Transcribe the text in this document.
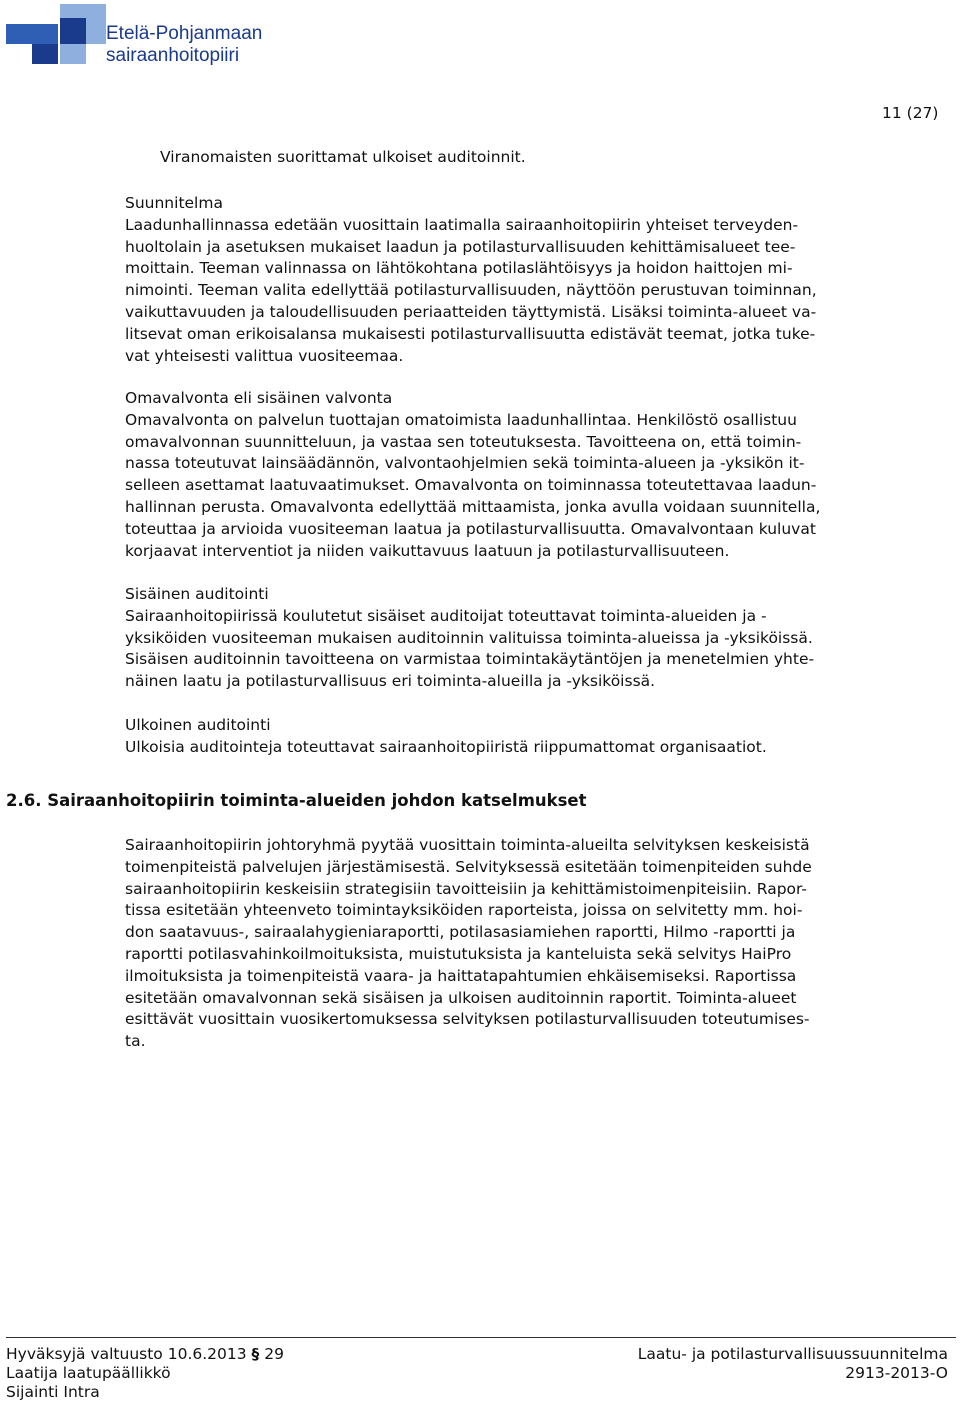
Etelä-Pohjanmaan
sairaanhoitopiiri
11 (27)
Viranomaisten suorittamat ulkoiset auditoinnit.
Suunnitelma
Laadunhallinnassa edetään vuosittain laatimalla sairaanhoitopiirin yhteiset terveyden-
huoltolain ja asetuksen mukaiset laadun ja potilasturvallisuuden kehittämisalueet tee-
moittain. Teeman valinnassa on lähtökohtana potilaslähtöisyys ja hoidon haittojen mi-
nimointi. Teeman valita edellyttää potilasturvallisuuden, näyttöön perustuvan toiminnan,
vaikuttavuuden ja taloudellisuuden periaatteiden täyttymistä. Lisäksi toiminta-alueet va-
litsevat oman erikoisalansa mukaisesti potilasturvallisuutta edistävät teemat, jotka tuke-
vat yhteisesti valittua vuositeemaa.
Omavalvonta eli sisäinen valvonta
Omavalvonta on palvelun tuottajan omatoimista laadunhallintaa. Henkilöstö osallistuu
omavalvonnan suunnitteluun, ja vastaa sen toteutuksesta. Tavoitteena on, että toimin-
nassa toteutuvat lainsäädännön, valvontaohjelmien sekä toiminta-alueen ja -yksikön it-
selleen asettamat laatuvaatimukset. Omavalvonta on toiminnassa toteutettavaa laadun-
hallinnan perusta. Omavalvonta edellyttää mittaamista, jonka avulla voidaan suunnitella,
toteuttaa ja arvioida vuositeeman laatua ja potilasturvallisuutta. Omavalvontaan kuluvat
korjaavat interventiot ja niiden vaikuttavuus laatuun ja potilasturvallisuuteen.
Sisäinen auditointi
Sairaanhoitopiirissä koulutetut sisäiset auditoijat toteuttavat toiminta-alueiden ja -
yksiköiden vuositeeman mukaisen auditoinnin valituissa toiminta-alueissa ja -yksiköissä.
Sisäisen auditoinnin tavoitteena on varmistaa toimintakäytäntöjen ja menetelmien yhte-
näinen laatu ja potilasturvallisuus eri toiminta-alueilla ja -yksiköissä.
Ulkoinen auditointi
Ulkoisia auditointeja toteuttavat sairaanhoitopiiristä riippumattomat organisaatiot.
2.6. Sairaanhoitopiirin toiminta-alueiden johdon katselmukset
Sairaanhoitopiirin johtoryhmä pyytää vuosittain toiminta-alueilta selvityksen keskeisistä
toimenpiteistä palvelujen järjestämisestä. Selvityksessä esitetään toimenpiteiden suhde
sairaanhoitopiirin keskeisiin strategisiin tavoitteisiin ja kehittämistoimenpiteisiin. Rapor-
tissa esitetään yhteenveto toimintayksiköiden raporteista, joissa on selvitetty mm. hoi-
don saatavuus-, sairaalahygieniaraportti, potilasasiamiehen raportti, Hilmo -raportti ja
raportti potilasvahinkoilmoituksista, muistutuksista ja kanteluista sekä selvitys HaiPro
ilmoituksista ja toimenpiteistä vaara- ja haittatapahtumien ehkäisemiseksi. Raportissa
esitetään omavalvonnan sekä sisäisen ja ulkoisen auditoinnin raportit. Toiminta-alueet
esittävät vuosittain vuosikertomuksessa selvityksen potilasturvallisuuden toteutumises-
ta.
Hyväksyjä valtuusto 10.6.2013 § 29
Laatija laatupäällikkö
Sijainti Intra
Laatu- ja potilasturvallisuussuunnitelma
2913-2013-O
